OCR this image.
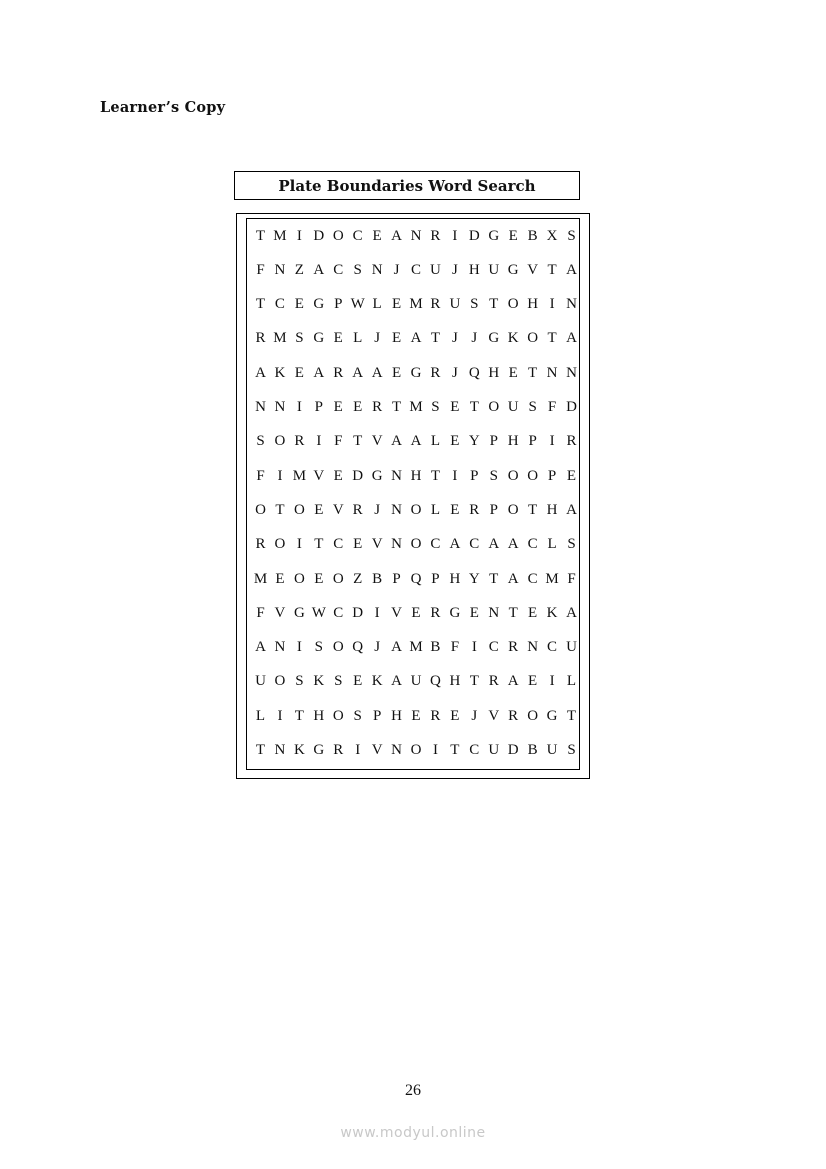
Learner’s Copy
Plate Boundaries Word Search
T M I D O C E A N R I D G E B X S
F N Z A C S N J C U J H U G V T A
T C E G P W L E M R U S T O H I N
R M S G E L J E A T J J G K O T A
A K E A R A A E G R J Q H E T N N
N N I P E E R T M S E T O U S F D
S O R I F T V A A L E Y P H P I R
F I M V E D G N H T I P S O O P E
O T O E V R J N O L E R P O T H A
R O I T C E V N O C A C A A C L S
M E O E O Z B P Q P H Y T A C M F
F V G W C D I V E R G E N T E K A
A N I S O Q J A M B F I C R N C U
U O S K S E K A U Q H T R A E I L
L I T H O S P H E R E J V R O G T
T N K G R I V N O I T C U D B U S
26
www.modyul.online
